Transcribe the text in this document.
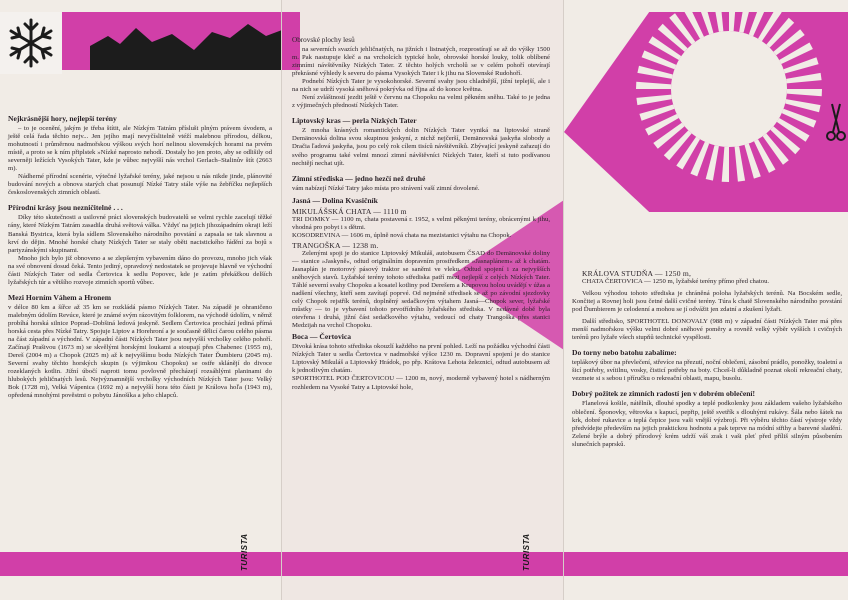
Nejkrásnější hory, nejlepší terény

– to je ocenění, jakým je třeba štítit, ale Nízkým Tatrám příslušt plným právem úvodem, a ještě celá řada těchto nejv... Jen jejího mají nevyčíslitelně vtéží malebnou přírodou, délkou, mohutností i průměrnou nadmořskou výškou svých horí nelinou slovenských horami na prvém místě, a proto se k ním připlstek »Nízké naprosto nehodí. Dostaly ho jen proto, aby se odlišily od severněji ležících Vysokých Tater, kde je vůbec nejvyšší nás vrchol Gerlach–Stalinův štít (2663 m).

Nádherné přírodní scenérie, výtečné lyžařské terény, jaké nejsou u nás nikde jinde, plánovité budování nových a obnova starých chat posunují Nízké Tatry stále výše na žebříčku nejlepších československých zimních oblastí.

Přírodní krásy jsou nezničitelné . . .

Díky této skutečnosti a usilovné práci slovenských budovatelů se velmi rychle zacelují těžké rány, které Nízkým Tatrám zasadila druhá světová válka. Vždyť na jejich jihozápadním okraji leží Banská Bystrica, která byla sídlem Slovenského národního povstání a zapsala se tak slavnou a krví do dějin. Mnohé horské chaty Nízkých Tater se staly oběti nacistického řádění za bojů s partyzánskými skupinami.

Mnoho jich bylo již obnoveno a se zlepšeným vybavením dáno do provozu, mnoho jich však na své obnovení dosud čeká. Tento jediný, opravdový nedostatek se projevuje hlavně ve východní části Nízkých Tater od sedla Čertovica k sedlu Popovec, kde je zatím překážkou delších lyžařských túr a většího rozvoje zimních sportů vůbec.

Mezi Horním Váhem a Hronem

v délce 80 km a šířce až 35 km se rozkládá pásmo Nízkých Tater. Na západě je ohraničeno malebným údolím Revúce, které je známé svým rázovitým folklorem, na východě údolím, v němž probíhá horská silnice Poprad–Dobšiná ledová jeskyně. Sedlem Čertovica prochází jediná přímá horská cesta přes Nízké Tatry. Spojuje Liptov a Horehroní a je současně dělicí čarou celého pásma na část západní a východní. V západní části Nízkých Tater jsou nejvyšší vrcholky celého pohoří. Začínají Prašivou (1673 m) se skvělými horskými loukami a stoupají přes Chabenec (1955 m), Dereš (2004 m) a Chopok (2025 m) až k nejvyššímu bodu Nízkých Tater Ďumbieru (2045 m). Severní svahy těchto horských skupin (s výjimkou Chopoku) se ostře sklánějí do divoce rozeklaných kotlin. Jižní úbočí naproti tomu povlovně přecházejí rozsáhlými planinami do hlubokých jehličnatých lesů. Nejvýznamnější vrcholky východních Nízkých Tater jsou: Velký Bok (1728 m), Velká Vápenica (1692 m) a nejvyšší hora této části je Králova hoľa (1943 m), opředená mnohými pověstmi o pobytu Jánošíka a jeho chlapců.

TURISTA
Obrovské plochy lesů

na severních svazích jehličnatých, na jižních i listnatých, rozprostírají se až do výšky 1500 m. Pak nastupuje kleč a na vrcholcích typické hole, obrovské horské louky, tolik oblíbené zimními návštěvníky Nízkých Tater. Z těchto holých vrcholů se v celém pohoří otevírají překrásné výhledy k severu do pásma Vysokých Tater i k jihu na Slovenské Rudohoří.

Podnebí Nízkých Tater je vysokohorské. Severní svahy jsou chladnější, jižní teplejší, ale i na nich se udrží vysoká sněhová pokrývka od října až do konce května.

Není zvláštností jezdit ještě v červnu na Chopoku na velmi pěkném sněhu. Také to je jedna z výjimečných předností Nízkých Tater.

Liptovský kras — perla Nízkých Tater

Z mnoha krásných romantických dolin Nízkých Tater vyniká na liptovské straně Demänovská dolina svou skupinou jeskyní, z nichž nejčerší, Demänovská jaskyňa slobody a Dračia ľadová jaskyňa, jsou po celý rok cílem tisíců návštěvníků. Zbývající jeskyně zařazují do svého programu také velmi mnozí zimní návštěvníci Nízkých Tater, kteří si tuto podívanou nechtějí nechat ujít.

Zimní střediska — jedno hezčí než druhé

vám nabízejí Nízké Tatry jako místa pro strávení vaší zimní dovolené.

Jasná — Dolina Kvasičník
MIKULÁŠSKÁ CHATA — 1110 m

TRI DOMKY — 1100 m, chata postavená r. 1952, s velmi pěknými terény, obrácenými k jihu, vhodná pro pobyt i s dětmi.

KOSODREVINA — 1606 m, úplně nová chata na mezistanici výtahu na Chopok.

TRANGOŠKA — 1238 m.

Zelenými spoji je do stanice Liptovský Mikuláš, autobusem ČSAD do Demänovské doliny — stanice »Jaskyně«, odtud originálním dopravním prostředkem »Jasnaplánem« až k chatám. Jasnaplán je motorový pásový traktor se saněmi ve vleku. Odtud spojení i za nejvyšších sněhových stavů. Lyžařské terény tohoto střediska patří mezi nejlepší z celých Nízkých Tater. Táhlé severní svahy Chopoku a kosatel kotliny pod Derešem a Krupovou holou uvádějí v úžas a nadšení všechny, kteří sem zavítají poprvé. Od nejméně středisek se až po závodní sjezdovky celý Chopok rejstřík terénů, doplněný sedačkovým výtahem Jasná—Chopok sever, lyžařské můstky — to je vybavení tohoto prvotřídního lyžařského střediska. V nedávné době byla otevřena i druhá, jižní část sedačkového výtahu, vedoucí od chaty Trangoška přes stanici Medzijah na vrchol Chopoku.

Boca — Čertovica

Divoká krása tohoto střediska okouzlí každého na první pohled. Leží na požádku východní části Nízkých Tater u sedla Čertovica v nadmořské výšce 1230 m. Dopravní spojení je do stanice Liptovský Mikuláš a Liptovský Hrádok, po přp. Krátova Lehota železnicí, odtud autobusem až k jednotlivým chatám.

SPORTHOTEL POD ČERTOVICOU — 1200 m, nový, moderně vybavený hotel s nádherným rozhledem na Vysoké Tatry a Liptovské hole,

TURISTA
KRÁLOVA STUDŇA — 1250 m,

CHATA ČERTOVICA — 1250 m, lyžařské terény přímo před chatou.

Velkou výhodou tohoto střediska je chráněná poloha lyžařských terénů. Na Bocském sedle, Končitej a Rovnej holi jsou četné další cvičné terény. Túra k chatě Slovenského národního povstání pod Ďumbierem je celodenní a mohou se jí odvážit jen zdatní a zkušení lyžaři.

Další středisko, SPORTHOTEL DONOVALY (988 m) v západní části Nízkých Tater má přes menší nadmořskou výšku velmi dobré sněhové poměry a rovněž velký výběr vyšších i cvičných terénů pro lyžaře všech stupňů technické vyspělosti.

Do torny nebo batohu zabalíme:

teplákový úbor na převlečení, střevíce na přezutí, noční oblečení, zásobní prádlo, ponožky, toaletní a šicí potřeby, svítilnu, vosky, čisticí potřeby na boty. Chceš-li důkladně poznat okolí rekreační chaty, vezmete si s sebou i příručku o rekreační oblasti, mapu, busolu.

Dobrý požitek ze zimních radostí jen v dobrém oblečení!

Flanelová košile, nátělník, dlouhé spodky a teplé podkolenky jsou základem vašeho lyžařského oblečení. Šponovky, větrovka s kapucí, pepřip, ještě svetřík s dlouhými rukávy. Šála nebo šátek na krk, dobré rukavice a teplá čepice jsou vaši vnější výzbrojí. Při výběru těchto částí výstroje vždy předvídejte především na jejich praktickou hodnotu a pak teprve na módní střihy a barevné sladění. Zelené brýle a dobrý přírodový krém udrží váš zrak i vaši pleť před příliš silným působením slunečních paprsků.
